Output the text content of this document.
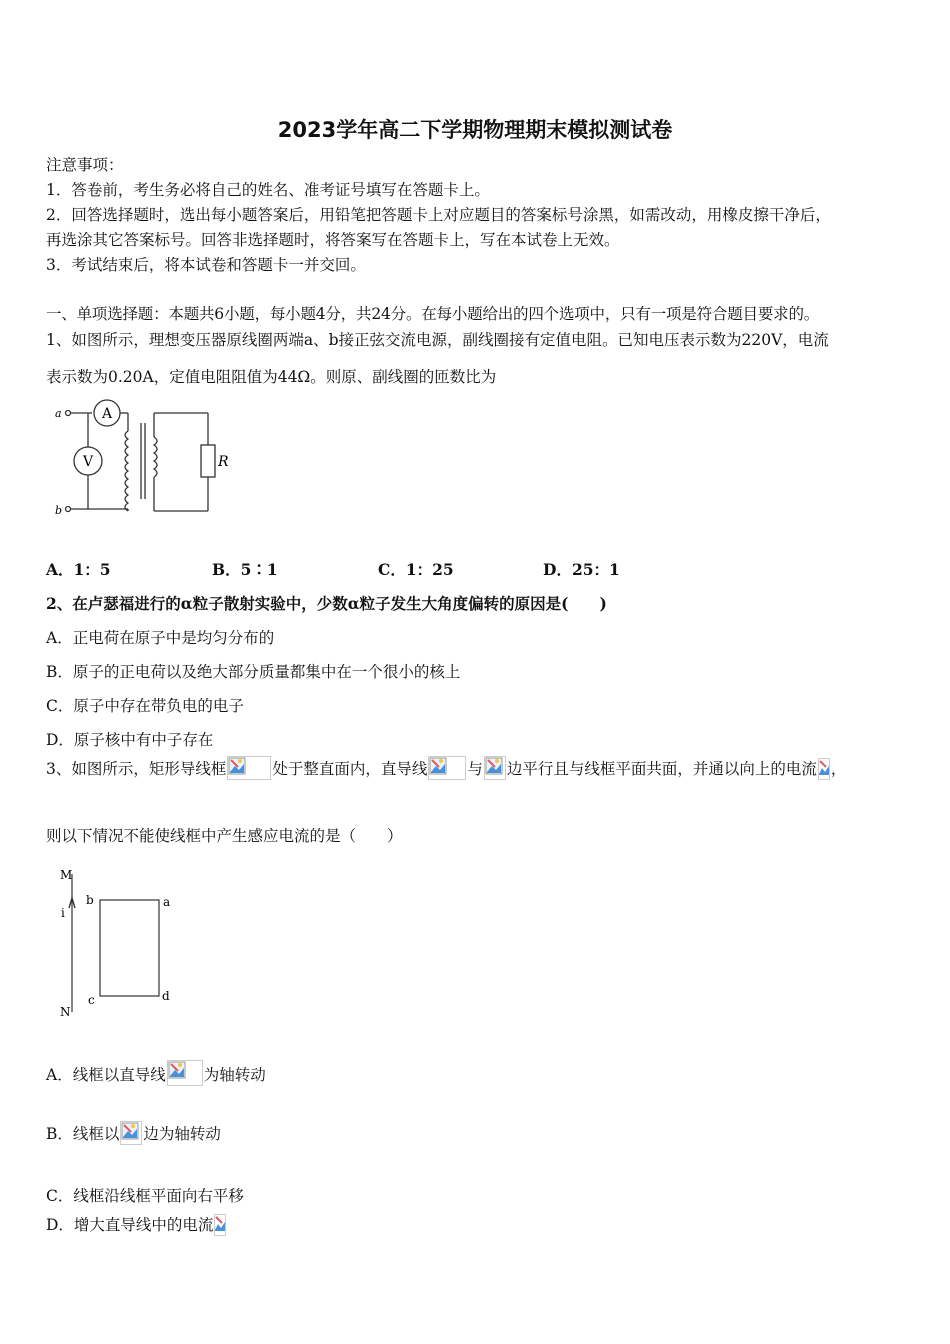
2023学年高二下学期物理期末模拟测试卷
注意事项：
1．答卷前，考生务必将自己的姓名、准考证号填写在答题卡上。
2．回答选择题时，选出每小题答案后，用铅笔把答题卡上对应题目的答案标号涂黑，如需改动，用橡皮擦干净后，
再选涂其它答案标号。回答非选择题时，将答案写在答题卡上，写在本试卷上无效。
3．考试结束后，将本试卷和答题卡一并交回。
一、单项选择题：本题共6小题，每小题4分，共24分。在每小题给出的四个选项中，只有一项是符合题目要求的。
1、如图所示，理想变压器原线圈两端a、b接正弦交流电源，副线圈接有定值电阻。已知电压表示数为220V，电流
表示数为0.20A，定值电阻阻值为44Ω。则原、副线圈的匝数比为
a
b
A
V	R
A．1：5	B．5∶1	C．1：25	D．25：1
2、在卢瑟福进行的α粒子散射实验中，少数α粒子发生大角度偏转的原因是(　　)
A．正电荷在原子中是均匀分布的
B．原子的正电荷以及绝大部分质量都集中在一个很小的核上
C．原子中存在带负电的电子
D．原子核中有中子存在
3、如图所示，矩形导线框	处于整直面内，直导线	与 边平行且与线框平面共面，并通以向上的电流 ，
则以下情况不能使线框中产生感应电流的是（　　）
M
N
i
b	a
c	d
A．线框以直导线 为轴转动
B．线框以 边为轴转动
C．线框沿线框平面向右平移
D．增大直导线中的电流
